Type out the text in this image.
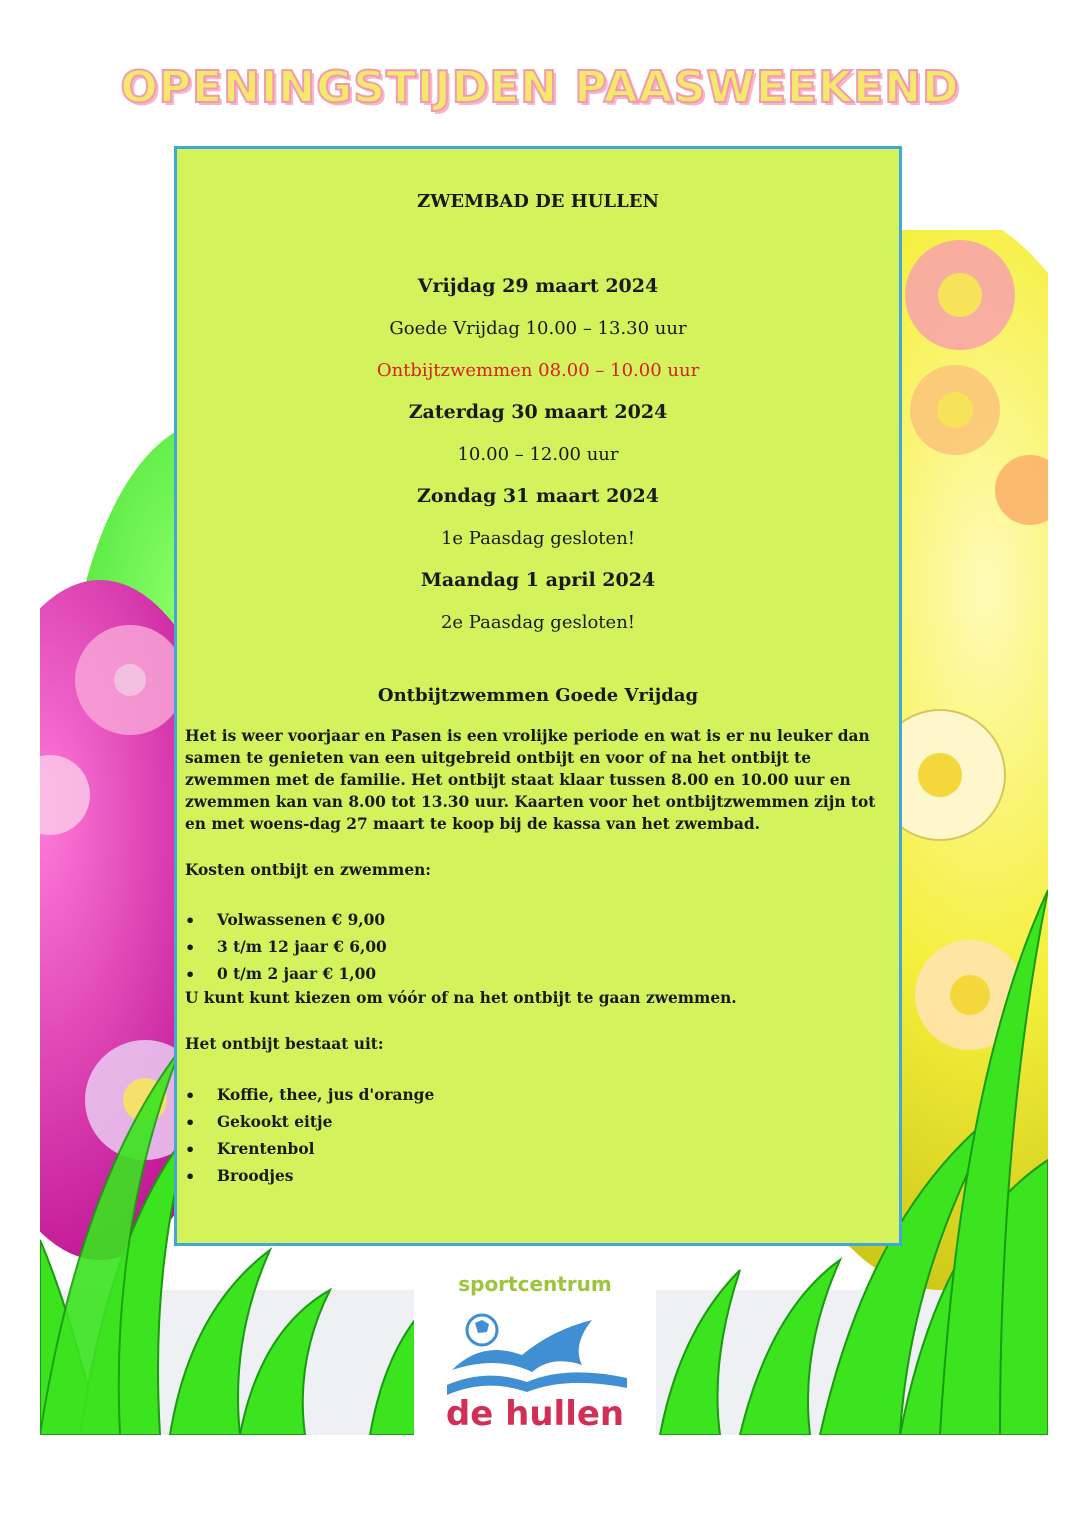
OPENINGSTIJDEN PAASWEEKEND
ZWEMBAD DE HULLEN
Vrijdag 29 maart 2024
Goede Vrijdag 10.00 – 13.30 uur
Ontbijtzwemmen 08.00 – 10.00 uur
Zaterdag 30 maart 2024
10.00 – 12.00 uur
Zondag 31 maart 2024
1e Paasdag gesloten!
Maandag 1 april 2024
2e Paasdag gesloten!
Ontbijtzwemmen Goede Vrijdag
Het is weer voorjaar en Pasen is een vrolijke periode en wat is er nu leuker dan samen te genieten van een uitgebreid ontbijt en voor of na het ontbijt te zwemmen met de familie. Het ontbijt staat klaar tussen 8.00 en 10.00 uur en zwemmen kan van 8.00 tot 13.30 uur. Kaarten voor het ontbijtzwemmen zijn tot en met woens-dag 27 maart te koop bij de kassa van het zwembad.
Kosten ontbijt en zwemmen:
• Volwassenen € 9,00
• 3 t/m 12 jaar € 6,00
• 0 t/m 2 jaar € 1,00
U kunt kunt kiezen om vóór of na het ontbijt te gaan zwemmen.
Het ontbijt bestaat uit:
• Koffie, thee, jus d'orange
• Gekookt eitje
• Krentenbol
• Broodjes
sportcentrum
de hullen
